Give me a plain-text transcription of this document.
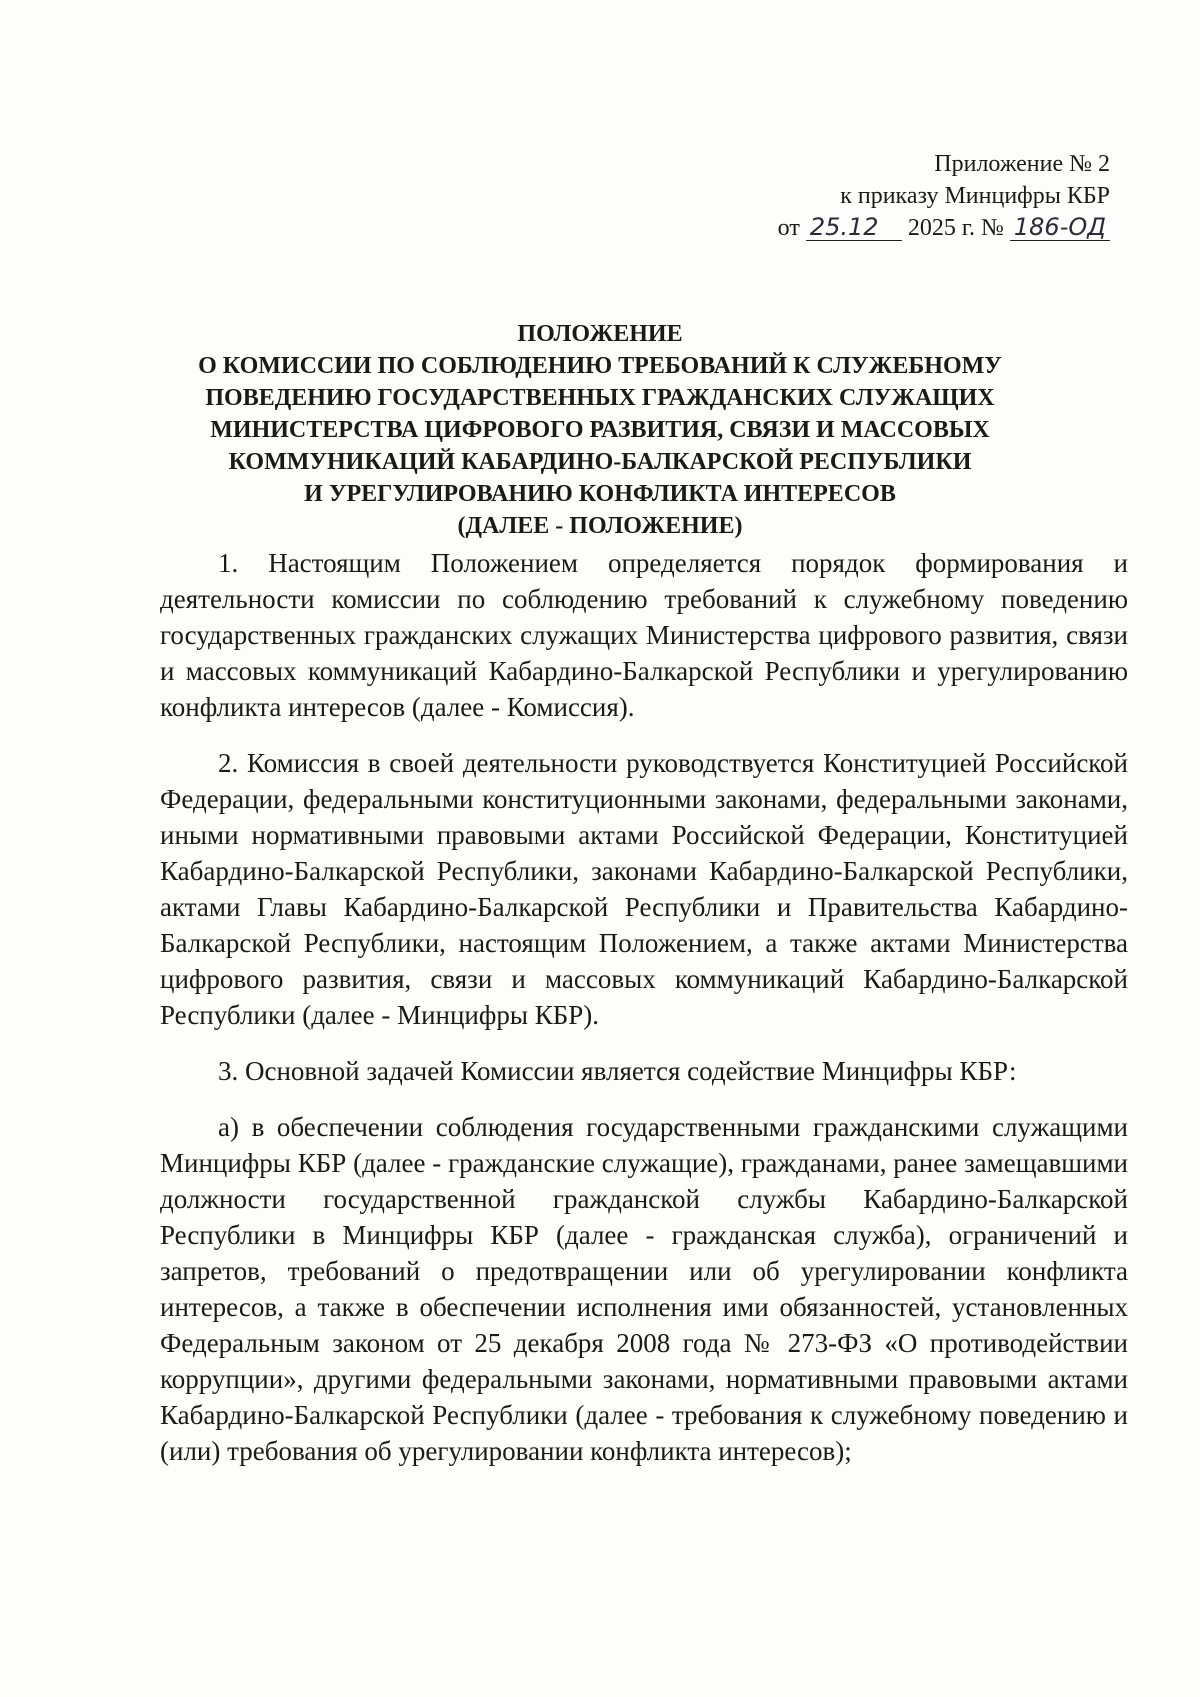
Приложение № 2
к приказу Минцифры КБР
от 25.12 2025 г. № 186-ОД
ПОЛОЖЕНИЕ
О КОМИССИИ ПО СОБЛЮДЕНИЮ ТРЕБОВАНИЙ К СЛУЖЕБНОМУ
ПОВЕДЕНИЮ ГОСУДАРСТВЕННЫХ ГРАЖДАНСКИХ СЛУЖАЩИХ
МИНИСТЕРСТВА ЦИФРОВОГО РАЗВИТИЯ, СВЯЗИ И МАССОВЫХ
КОММУНИКАЦИЙ КАБАРДИНО-БАЛКАРСКОЙ РЕСПУБЛИКИ
И УРЕГУЛИРОВАНИЮ КОНФЛИКТА ИНТЕРЕСОВ
(ДАЛЕЕ - ПОЛОЖЕНИЕ)

1. Настоящим Положением определяется порядок формирования и деятельности комиссии по соблюдению требований к служебному поведению государственных гражданских служащих Министерства цифрового развития, связи и массовых коммуникаций Кабардино-Балкарской Республики и урегулированию конфликта интересов (далее - Комиссия).

2. Комиссия в своей деятельности руководствуется Конституцией Российской Федерации, федеральными конституционными законами, федеральными законами, иными нормативными правовыми актами Российской Федерации, Конституцией Кабардино-Балкарской Республики, законами Кабардино-Балкарской Республики, актами Главы Кабардино-Балкарской Республики и Правительства Кабардино-Балкарской Республики, настоящим Положением, а также актами Министерства цифрового развития, связи и массовых коммуникаций Кабардино-Балкарской Республики (далее - Минцифры КБР).

3. Основной задачей Комиссии является содействие Минцифры КБР:

а) в обеспечении соблюдения государственными гражданскими служащими Минцифры КБР (далее - гражданские служащие), гражданами, ранее замещавшими должности государственной гражданской службы Кабардино-Балкарской Республики в Минцифры КБР (далее - гражданская служба), ограничений и запретов, требований о предотвращении или об урегулировании конфликта интересов, а также в обеспечении исполнения ими обязанностей, установленных Федеральным законом от 25 декабря 2008 года № 273-ФЗ «О противодействии коррупции», другими федеральными законами, нормативными правовыми актами Кабардино-Балкарской Республики (далее - требования к служебному поведению и (или) требования об урегулировании конфликта интересов);
